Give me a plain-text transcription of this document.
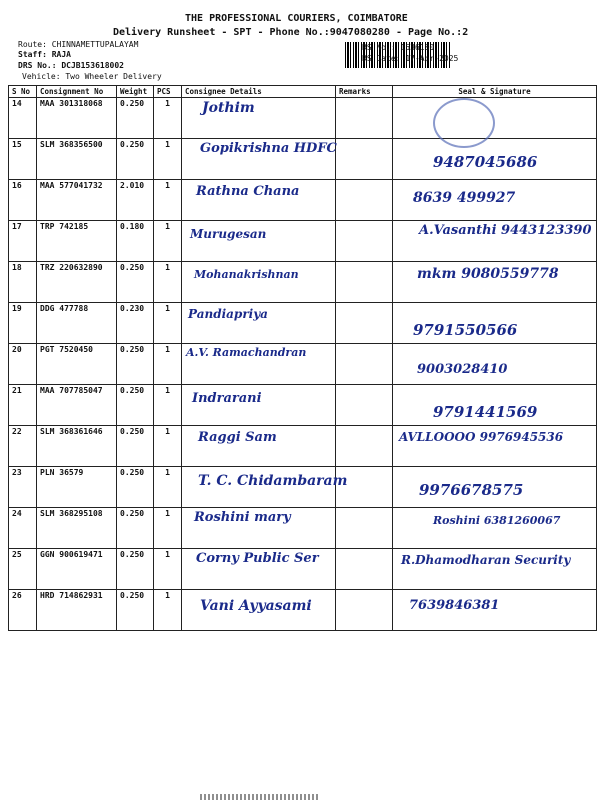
THE PROFESSIONAL COURIERS, COIMBATORE
Delivery Runsheet - SPT - Phone No.:9047080280 - Page No.:2
Route: CHINNAMETTUPALAYAM
Staff: RAJA
DRS No.: DCJB153618002
Vehicle: Two Wheeler Delivery
RS No.: 1536180
RS Date: 17-Apr-2025
S No	Consignment No	Weight	PCS	Consignee Details	Remarks	Seal & Signature
14	MAA 301318068	0.250	1	Jothim		

15	SLM 368356500	0.250	1	Gopikrishna HDFC		9487045686

16	MAA 577041732	2.010	1	Rathna Chana		8639 499927

17	TRP 742185	0.180	1	Murugesan		A.Vasanthi 9443123390

18	TRZ 220632890	0.250	1	Mohanakrishnan		mkm 9080559778

19	DDG 477788	0.230	1	Pandiapriya		9791550566

20	PGT 7520450	0.250	1	A.V. Ramachandran		9003028410

21	MAA 707785047	0.250	1	Indrarani		9791441569

22	SLM 368361646	0.250	1	Raggi Sam		AVLLOOOO 9976945536

23	PLN 36579	0.250	1	T. C. Chidambaram		9976678575

24	SLM 368295108	0.250	1	Roshini mary		Roshini 6381260067

25	GGN 900619471	0.250	1	Corny Public Ser		R.Dhamodharan Security

26	HRD 714862931	0.250	1	Vani Ayyasami		7639846381
